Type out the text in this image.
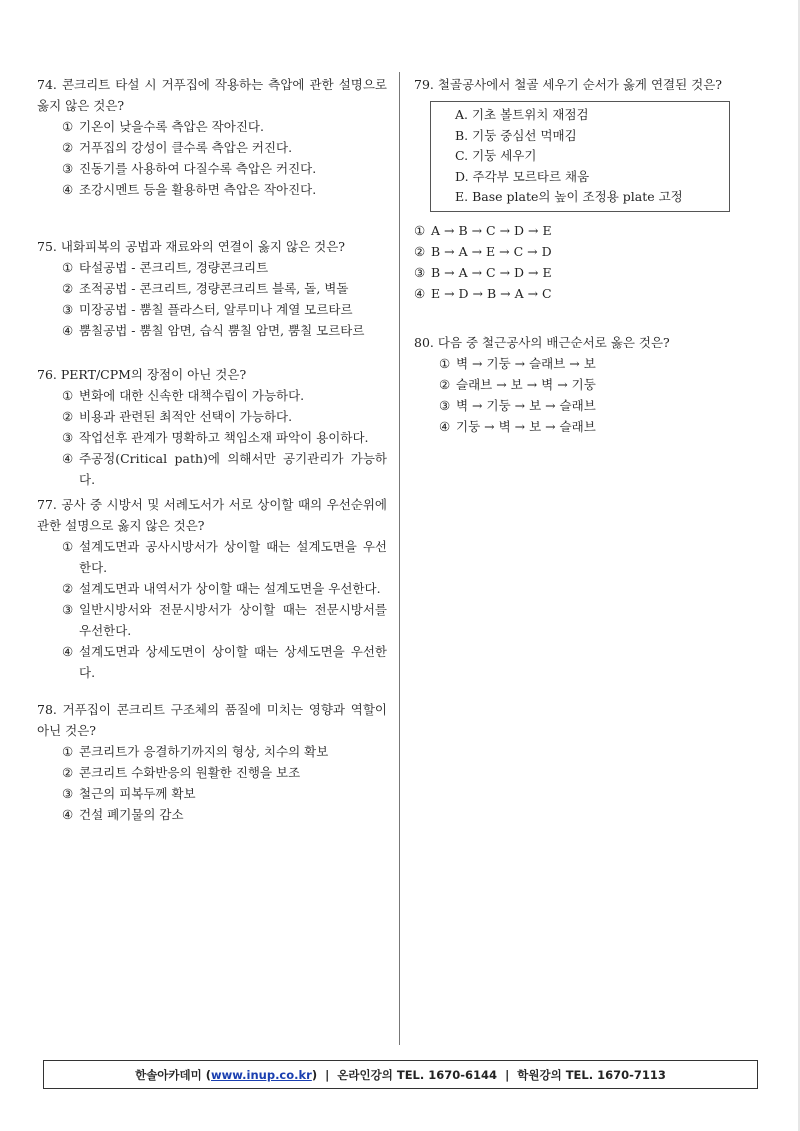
74. 콘크리트 타설 시 거푸집에 작용하는 측압에 관한 설명으로 옳지 않은 것은?
① 기온이 낮을수록 측압은 작아진다.
② 거푸집의 강성이 클수록 측압은 커진다.
③ 진동기를 사용하여 다질수록 측압은 커진다.
④ 조강시멘트 등을 활용하면 측압은 작아진다.
75. 내화피복의 공법과 재료와의 연결이 옳지 않은 것은?
① 타설공법 - 콘크리트, 경량콘크리트
② 조적공법 - 콘크리트, 경량콘크리트 블록, 돌, 벽돌
③ 미장공법 - 뿜칠 플라스터, 알루미나 계열 모르타르
④ 뿜칠공법 - 뿜칠 암면, 습식 뿜칠 암면, 뿜칠 모르타르
76. PERT/CPM의 장점이 아닌 것은?
① 변화에 대한 신속한 대책수립이 가능하다.
② 비용과 관련된 최적안 선택이 가능하다.
③ 작업선후 관계가 명확하고 책임소재 파악이 용이하다.
④ 주공정(Critical path)에 의해서만 공기관리가 가능하다.
77. 공사 중 시방서 및 서례도서가 서로 상이할 때의 우선순위에 관한 설명으로 옳지 않은 것은?
① 설계도면과 공사시방서가 상이할 때는 설계도면을 우선한다.
② 설계도면과 내역서가 상이할 때는 설계도면을 우선한다.
③ 일반시방서와 전문시방서가 상이할 때는 전문시방서를 우선한다.
④ 설계도면과 상세도면이 상이할 때는 상세도면을 우선한다.
78. 거푸집이 콘크리트 구조체의 품질에 미치는 영향과 역할이 아닌 것은?
① 콘크리트가 응결하기까지의 형상, 치수의 확보
② 콘크리트 수화반응의 원활한 진행을 보조
③ 철근의 피복두께 확보
④ 건설 폐기물의 감소
79. 철골공사에서 철골 세우기 순서가 옳게 연결된 것은?
A. 기초 볼트위치 재점검
B. 기둥 중심선 먹매김
C. 기둥 세우기
D. 주각부 모르타르 채움
E. Base plate의 높이 조정용 plate 고정
① A → B → C → D → E
② B → A → E → C → D
③ B → A → C → D → E
④ E → D → B → A → C
80. 다음 중 철근공사의 배근순서로 옳은 것은?
① 벽 → 기둥 → 슬래브 → 보
② 슬래브 → 보 → 벽 → 기둥
③ 벽 → 기둥 → 보 → 슬래브
④ 기둥 → 벽 → 보 → 슬래브
한솔아카데미 ( www.inup.co.kr ) | 온라인강의 TEL. 1670-6144 | 학원강의 TEL. 1670-7113
